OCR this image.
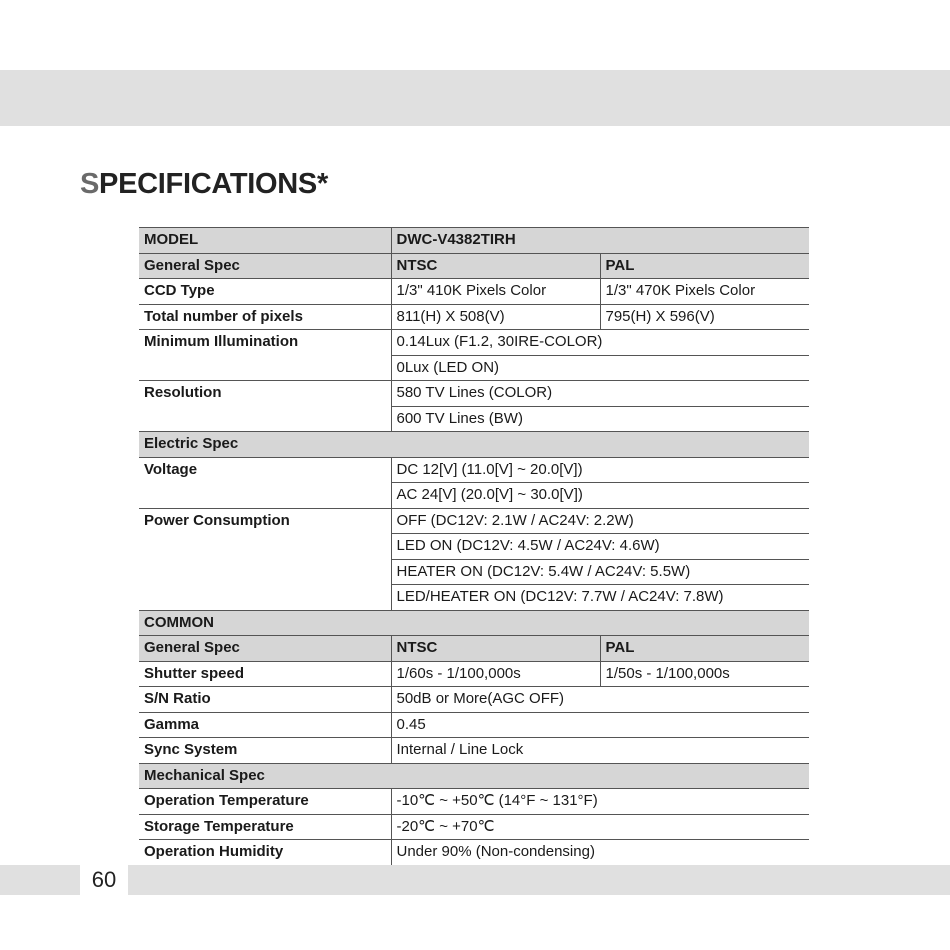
SPECIFICATIONS*
MODEL	DWC-V4382TIRH	
General Spec	NTSC	PAL
CCD Type	1/3" 410K Pixels Color	1/3" 470K Pixels Color
Total number of pixels	811(H) X 508(V)	795(H) X 596(V)
Minimum Illumination	0.14Lux (F1.2, 30IRE-COLOR)	
	0Lux (LED ON)	
Resolution	580 TV Lines (COLOR)	
	600 TV Lines (BW)	
Electric Spec		
Voltage	DC 12[V] (11.0[V] ~ 20.0[V])	
	AC 24[V] (20.0[V] ~ 30.0[V])	
Power Consumption	OFF (DC12V: 2.1W / AC24V: 2.2W)	
	LED ON (DC12V: 4.5W / AC24V: 4.6W)	
	HEATER ON (DC12V: 5.4W / AC24V: 5.5W)	
	LED/HEATER ON (DC12V: 7.7W / AC24V: 7.8W)	
COMMON		
General Spec	NTSC	PAL
Shutter speed	1/60s - 1/100,000s	1/50s - 1/100,000s
S/N Ratio	50dB or More(AGC OFF)	
Gamma	0.45	
Sync System	Internal / Line Lock	
Mechanical Spec		
Operation Temperature	-10℃ ~ +50℃ (14°F ~ 131°F)	
Storage Temperature	-20℃ ~ +70℃	
Operation Humidity	Under 90% (Non-condensing)	
60
